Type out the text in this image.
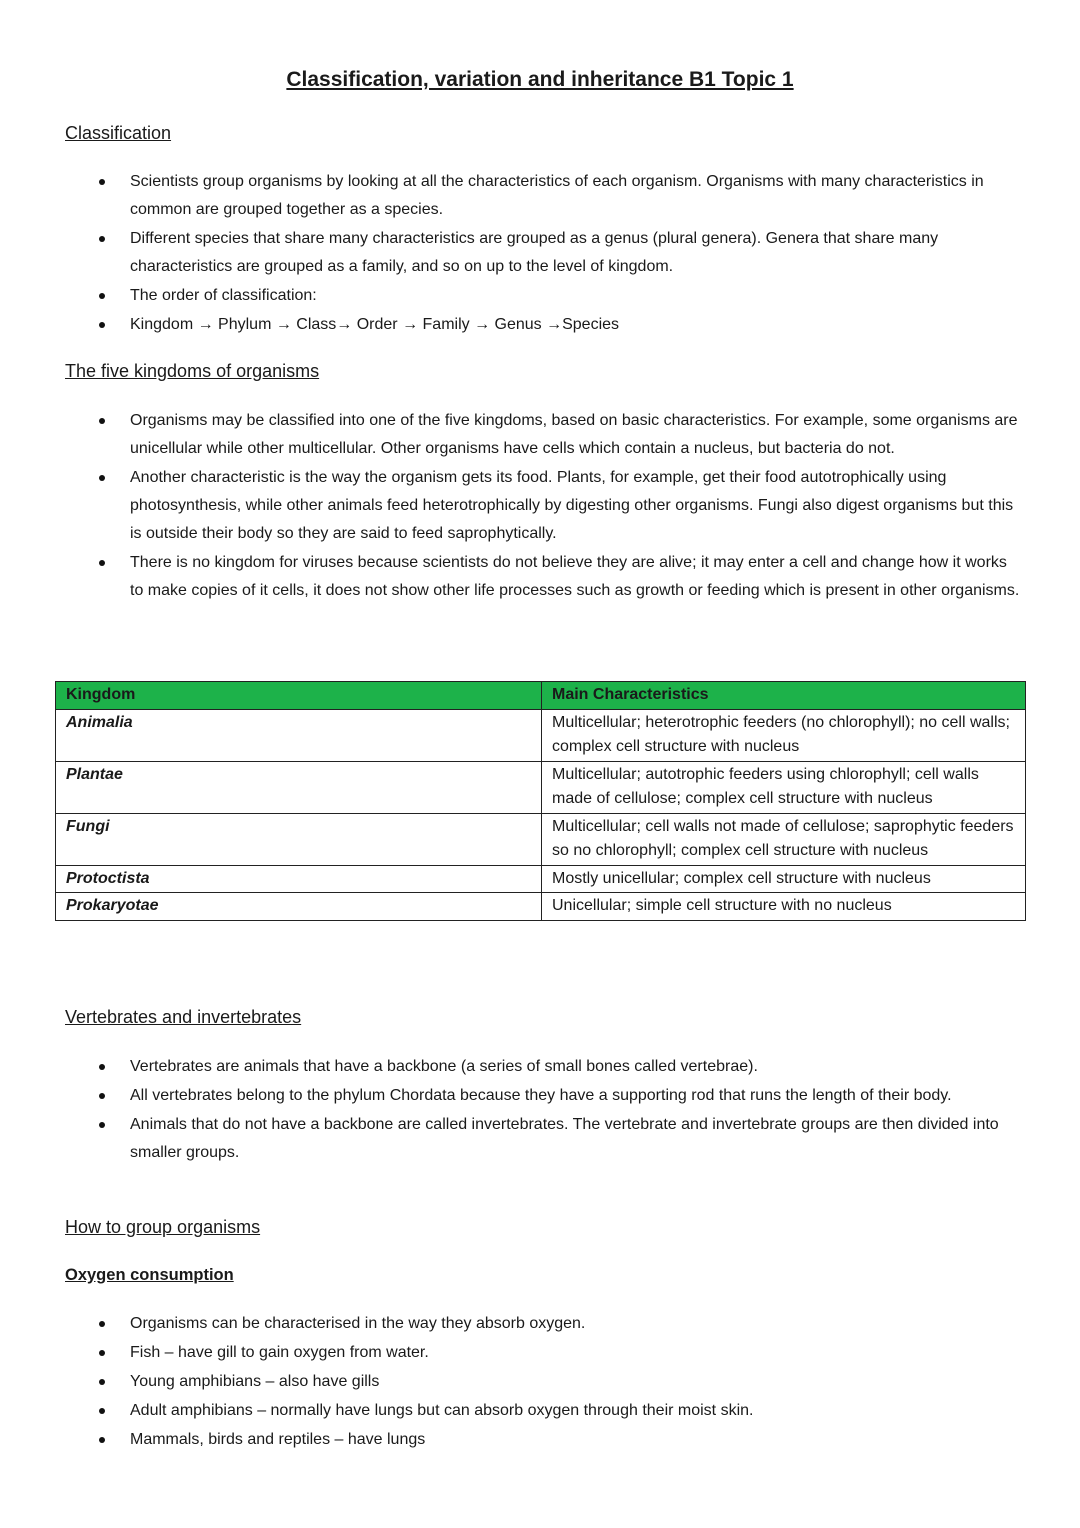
Classification, variation and inheritance B1 Topic 1
Classification
Scientists group organisms by looking at all the characteristics of each organism. Organisms with many characteristics in common are grouped together as a species.
Different species that share many characteristics are grouped as a genus (plural genera). Genera that share many characteristics are grouped as a family, and so on up to the level of kingdom.
The order of classification:
Kingdom → Phylum → Class→ Order → Family → Genus →Species
The five kingdoms of organisms
Organisms may be classified into one of the five kingdoms, based on basic characteristics. For example, some organisms are unicellular while other multicellular. Other organisms have cells which contain a nucleus, but bacteria do not.
Another characteristic is the way the organism gets its food. Plants, for example, get their food autotrophically using photosynthesis, while other animals feed heterotrophically by digesting other organisms. Fungi also digest organisms but this is outside their body so they are said to feed saprophytically.
There is no kingdom for viruses because scientists do not believe they are alive; it may enter a cell and change how it works to make copies of it cells, it does not show other life processes such as growth or feeding which is present in other organisms.
Kingdom	Main Characteristics
Animalia	Multicellular; heterotrophic feeders (no chlorophyll); no cell walls; complex cell structure with nucleus
Plantae	Multicellular; autotrophic feeders using chlorophyll; cell walls made of cellulose; complex cell structure with nucleus
Fungi	Multicellular; cell walls not made of cellulose; saprophytic feeders so no chlorophyll; complex cell structure with nucleus
Protoctista	Mostly unicellular; complex cell structure with nucleus
Prokaryotae	Unicellular; simple cell structure with no nucleus
Vertebrates and invertebrates
Vertebrates are animals that have a backbone (a series of small bones called vertebrae).
All vertebrates belong to the phylum Chordata because they have a supporting rod that runs the length of their body.
Animals that do not have a backbone are called invertebrates. The vertebrate and invertebrate groups are then divided into smaller groups.
How to group organisms
Oxygen consumption
Organisms can be characterised in the way they absorb oxygen.
Fish – have gill to gain oxygen from water.
Young amphibians – also have gills
Adult amphibians – normally have lungs but can absorb oxygen through their moist skin.
Mammals, birds and reptiles – have lungs
